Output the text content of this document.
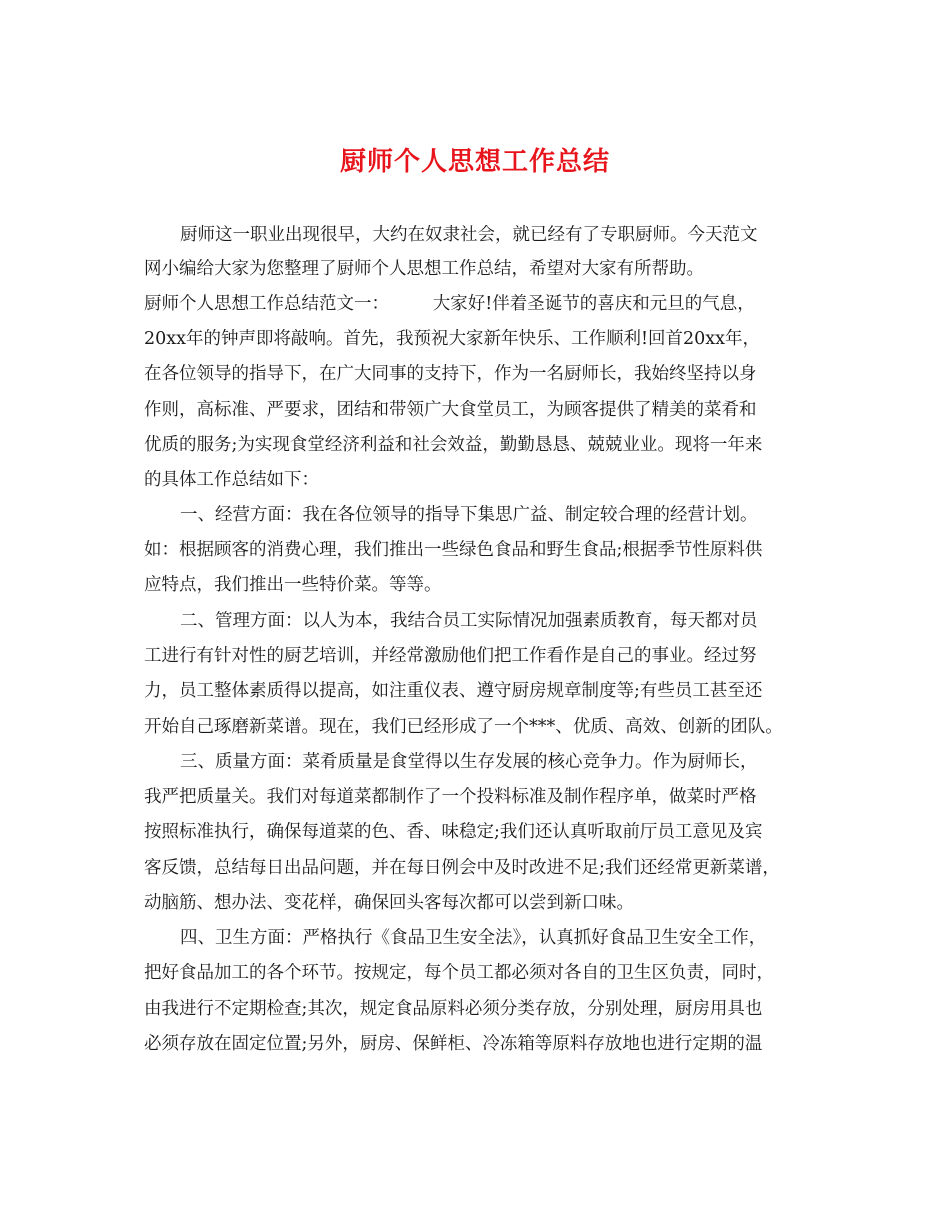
厨师个人思想工作总结
厨师这一职业出现很早，大约在奴隶社会，就已经有了专职厨师。今天范文
网小编给大家为您整理了厨师个人思想工作总结，希望对大家有所帮助。
厨师个人思想工作总结范文一：　　　大家好!伴着圣诞节的喜庆和元旦的气息，
20xx年的钟声即将敲响。首先，我预祝大家新年快乐、工作顺利!回首20xx年，
在各位领导的指导下，在广大同事的支持下，作为一名厨师长，我始终坚持以身
作则，高标准、严要求，团结和带领广大食堂员工，为顾客提供了精美的菜肴和
优质的服务;为实现食堂经济利益和社会效益，勤勤恳恳、兢兢业业。现将一年来
的具体工作总结如下：
一、经营方面：我在各位领导的指导下集思广益、制定较合理的经营计划。
如：根据顾客的消费心理，我们推出一些绿色食品和野生食品;根据季节性原料供
应特点，我们推出一些特价菜。等等。
二、管理方面：以人为本，我结合员工实际情况加强素质教育，每天都对员
工进行有针对性的厨艺培训，并经常激励他们把工作看作是自己的事业。经过努
力，员工整体素质得以提高，如注重仪表、遵守厨房规章制度等;有些员工甚至还
开始自己琢磨新菜谱。现在，我们已经形成了一个***、优质、高效、创新的团队。
三、质量方面：菜肴质量是食堂得以生存发展的核心竞争力。作为厨师长，
我严把质量关。我们对每道菜都制作了一个投料标准及制作程序单，做菜时严格
按照标准执行，确保每道菜的色、香、味稳定;我们还认真听取前厅员工意见及宾
客反馈，总结每日出品问题，并在每日例会中及时改进不足;我们还经常更新菜谱，
动脑筋、想办法、变花样，确保回头客每次都可以尝到新口味。
四、卫生方面：严格执行《食品卫生安全法》，认真抓好食品卫生安全工作，
把好食品加工的各个环节。按规定，每个员工都必须对各自的卫生区负责，同时，
由我进行不定期检查;其次，规定食品原料必须分类存放，分别处理，厨房用具也
必须存放在固定位置;另外，厨房、保鲜柜、冷冻箱等原料存放地也进行定期的温
